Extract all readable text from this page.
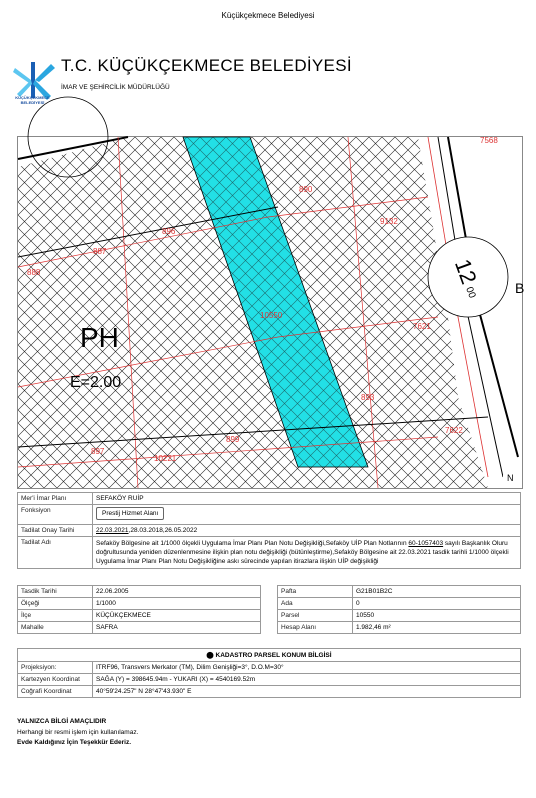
Küçükçekmece Belediyesi
KÜÇÜKÇEKMECE
BELEDİYESİ
T.C. KÜÇÜKÇEKMECE BELEDİYESİ
İMAR VE ŞEHİRCİLİK MÜDÜRLÜĞÜ
PH
E=2.00
12
00
N
B
890
896
887
888
9132
10550
7621
893
899
10221
897
7622
7568
Mer'i İmar Planı	SEFAKÖY RUİP
Fonksiyon	Prestij Hizmet Alanı
Tadilat Onay Tarihi	22.03.2021,28.03.2018,26.05.2022
Tadilat Adı	Sefaköy Bölgesine ait 1/1000 ölçekli Uygulama İmar Planı Plan Notu Değişikliği,Sefaköy UİP Plan Notlarının 60-1057403 sayılı Başkanlık Oluru doğrultusunda yeniden düzenlenmesine ilişkin plan notu değişikliği (bütünleştirme),Sefaköy Bölgesine ait 22.03.2021 tasdik tarihli 1/1000 ölçekli Uygulama İmar Planı Plan Notu Değişikliğine askı sürecinde yapılan itirazlara ilişkin UİP değişikliği
Tasdik Tarihi	22.06.2005
Ölçeği	1/1000
İlçe	KÜÇÜKÇEKMECE
Mahalle	SAFRA
Pafta	G21B01B2C
Ada	0
Parsel	10550
Hesap Alanı	1.982,46 m²
⬤ KADASTRO PARSEL KONUM BİLGİSİ	
Projeksiyon:	ITRF96, Transvers Merkator (TM), Dilim Genişliği=3°, D.O.M=30°
Kartezyen Koordinat	SAĞA (Y) = 398645.94m - YUKARI (X) = 4540169.52m
Coğrafi Koordinat	40°59'24.257" N 28°47'43.930" E
YALNIZCA BİLGİ AMAÇLIDIR
Herhangi bir resmi işlem için kullanılamaz.
Evde Kaldığınız İçin Teşekkür Ederiz.
